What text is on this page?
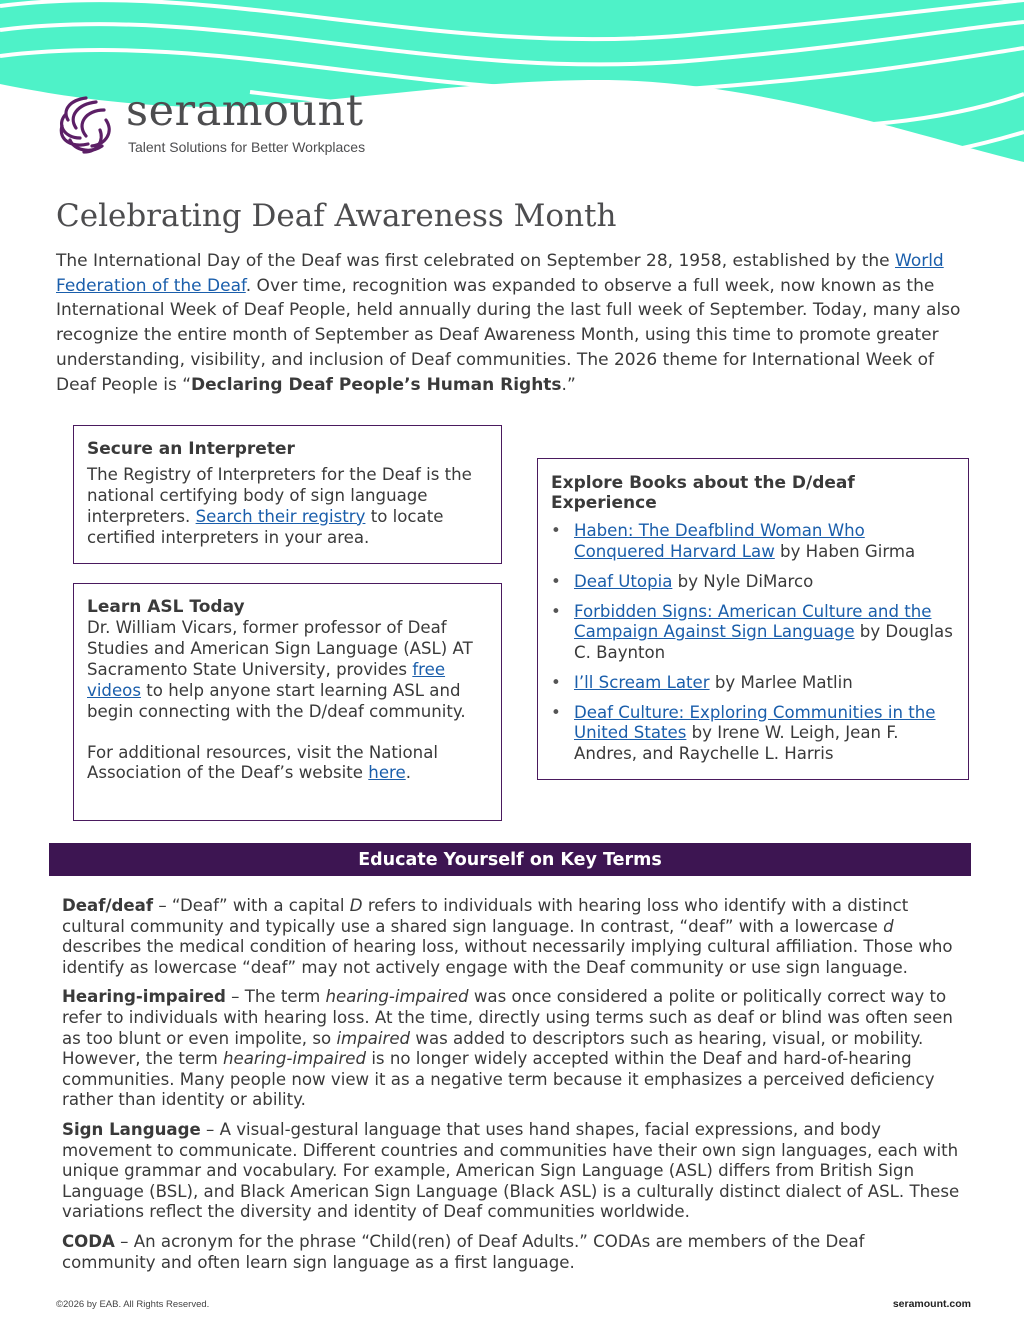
seramount
Talent Solutions for Better Workplaces
Celebrating Deaf Awareness Month

The International Day of the Deaf was first celebrated on September 28, 1958, established by the World Federation of the Deaf. Over time, recognition was expanded to observe a full week, now known as the International Week of Deaf People, held annually during the last full week of September. Today, many also recognize the entire month of September as Deaf Awareness Month, using this time to promote greater understanding, visibility, and inclusion of Deaf communities. The 2026 theme for International Week of Deaf People is “Declaring Deaf People’s Human Rights.”

Secure an Interpreter

The Registry of Interpreters for the Deaf is the national certifying body of sign language interpreters. Search their registry to locate certified interpreters in your area.

Learn ASL Today

Dr. William Vicars, former professor of Deaf Studies and American Sign Language (ASL) AT Sacramento State University, provides free videos to help anyone start learning ASL and begin connecting with the D/deaf community.

For additional resources, visit the National Association of the Deaf’s website here.

Explore Books about the D/deaf Experience
• Haben: The Deafblind Woman Who Conquered Harvard Law by Haben Girma
• Deaf Utopia by Nyle DiMarco
• Forbidden Signs: American Culture and the Campaign Against Sign Language by Douglas C. Baynton
• I’ll Scream Later by Marlee Matlin
• Deaf Culture: Exploring Communities in the United States by Irene W. Leigh, Jean F. Andres, and Raychelle L. Harris
Educate Yourself on Key Terms

Deaf/deaf – “Deaf” with a capital D refers to individuals with hearing loss who identify with a distinct cultural community and typically use a shared sign language. In contrast, “deaf” with a lowercase d describes the medical condition of hearing loss, without necessarily implying cultural affiliation. Those who identify as lowercase “deaf” may not actively engage with the Deaf community or use sign language.

Hearing-impaired – The term hearing-impaired was once considered a polite or politically correct way to refer to individuals with hearing loss. At the time, directly using terms such as deaf or blind was often seen as too blunt or even impolite, so impaired was added to descriptors such as hearing, visual, or mobility. However, the term hearing-impaired is no longer widely accepted within the Deaf and hard-of-hearing communities. Many people now view it as a negative term because it emphasizes a perceived deficiency rather than identity or ability.

Sign Language – A visual-gestural language that uses hand shapes, facial expressions, and body movement to communicate. Different countries and communities have their own sign languages, each with unique grammar and vocabulary. For example, American Sign Language (ASL) differs from British Sign Language (BSL), and Black American Sign Language (Black ASL) is a culturally distinct dialect of ASL. These variations reflect the diversity and identity of Deaf communities worldwide.

CODA – An acronym for the phrase “Child(ren) of Deaf Adults.” CODAs are members of the Deaf community and often learn sign language as a first language.

©2026 by EAB. All Rights Reserved.	seramount.com
